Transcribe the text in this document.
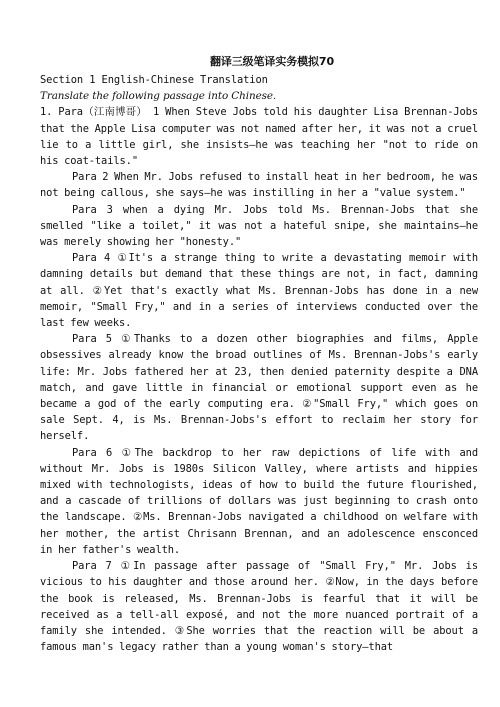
翻译三级笔译实务模拟70
Section 1 English-Chinese Translation
Translate the following passage into Chinese.

1. Para（江南博哥） 1 When Steve Jobs told his daughter Lisa Brennan-Jobs that the Apple Lisa computer was not named after her, it was not a cruel lie to a little girl, she insists—he was teaching her "not to ride on his coat-tails."

Para 2 When Mr. Jobs refused to install heat in her bedroom, he was not being callous, she says—he was instilling in her a "value system."

Para 3 when a dying Mr. Jobs told Ms. Brennan-Jobs that she smelled "like a toilet," it was not a hateful snipe, she maintains—he was merely showing her "honesty."

Para 4 ①It's a strange thing to write a devastating memoir with damning details but demand that these things are not, in fact, damning at all. ②Yet that's exactly what Ms. Brennan-Jobs has done in a new memoir, "Small Fry," and in a series of interviews conducted over the last few weeks.

Para 5 ①Thanks to a dozen other biographies and films, Apple obsessives already know the broad outlines of Ms. Brennan-Jobs's early life: Mr. Jobs fathered her at 23, then denied paternity despite a DNA match, and gave little in financial or emotional support even as he became a god of the early computing era. ②"Small Fry," which goes on sale Sept. 4, is Ms. Brennan-Jobs's effort to reclaim her story for herself.

Para 6 ①The backdrop to her raw depictions of life with and without Mr. Jobs is 1980s Silicon Valley, where artists and hippies mixed with technologists, ideas of how to build the future flourished, and a cascade of trillions of dollars was just beginning to crash onto the landscape. ②Ms. Brennan-Jobs navigated a childhood on welfare with her mother, the artist Chrisann Brennan, and an adolescence ensconced in her father's wealth.

Para 7 ①In passage after passage of "Small Fry," Mr. Jobs is vicious to his daughter and those around her. ②Now, in the days before the book is released, Ms. Brennan-Jobs is fearful that it will be received as a tell-all exposé, and not the more nuanced portrait of a family she intended. ③She worries that the reaction will be about a famous man's legacy rather than a young woman's story—that
